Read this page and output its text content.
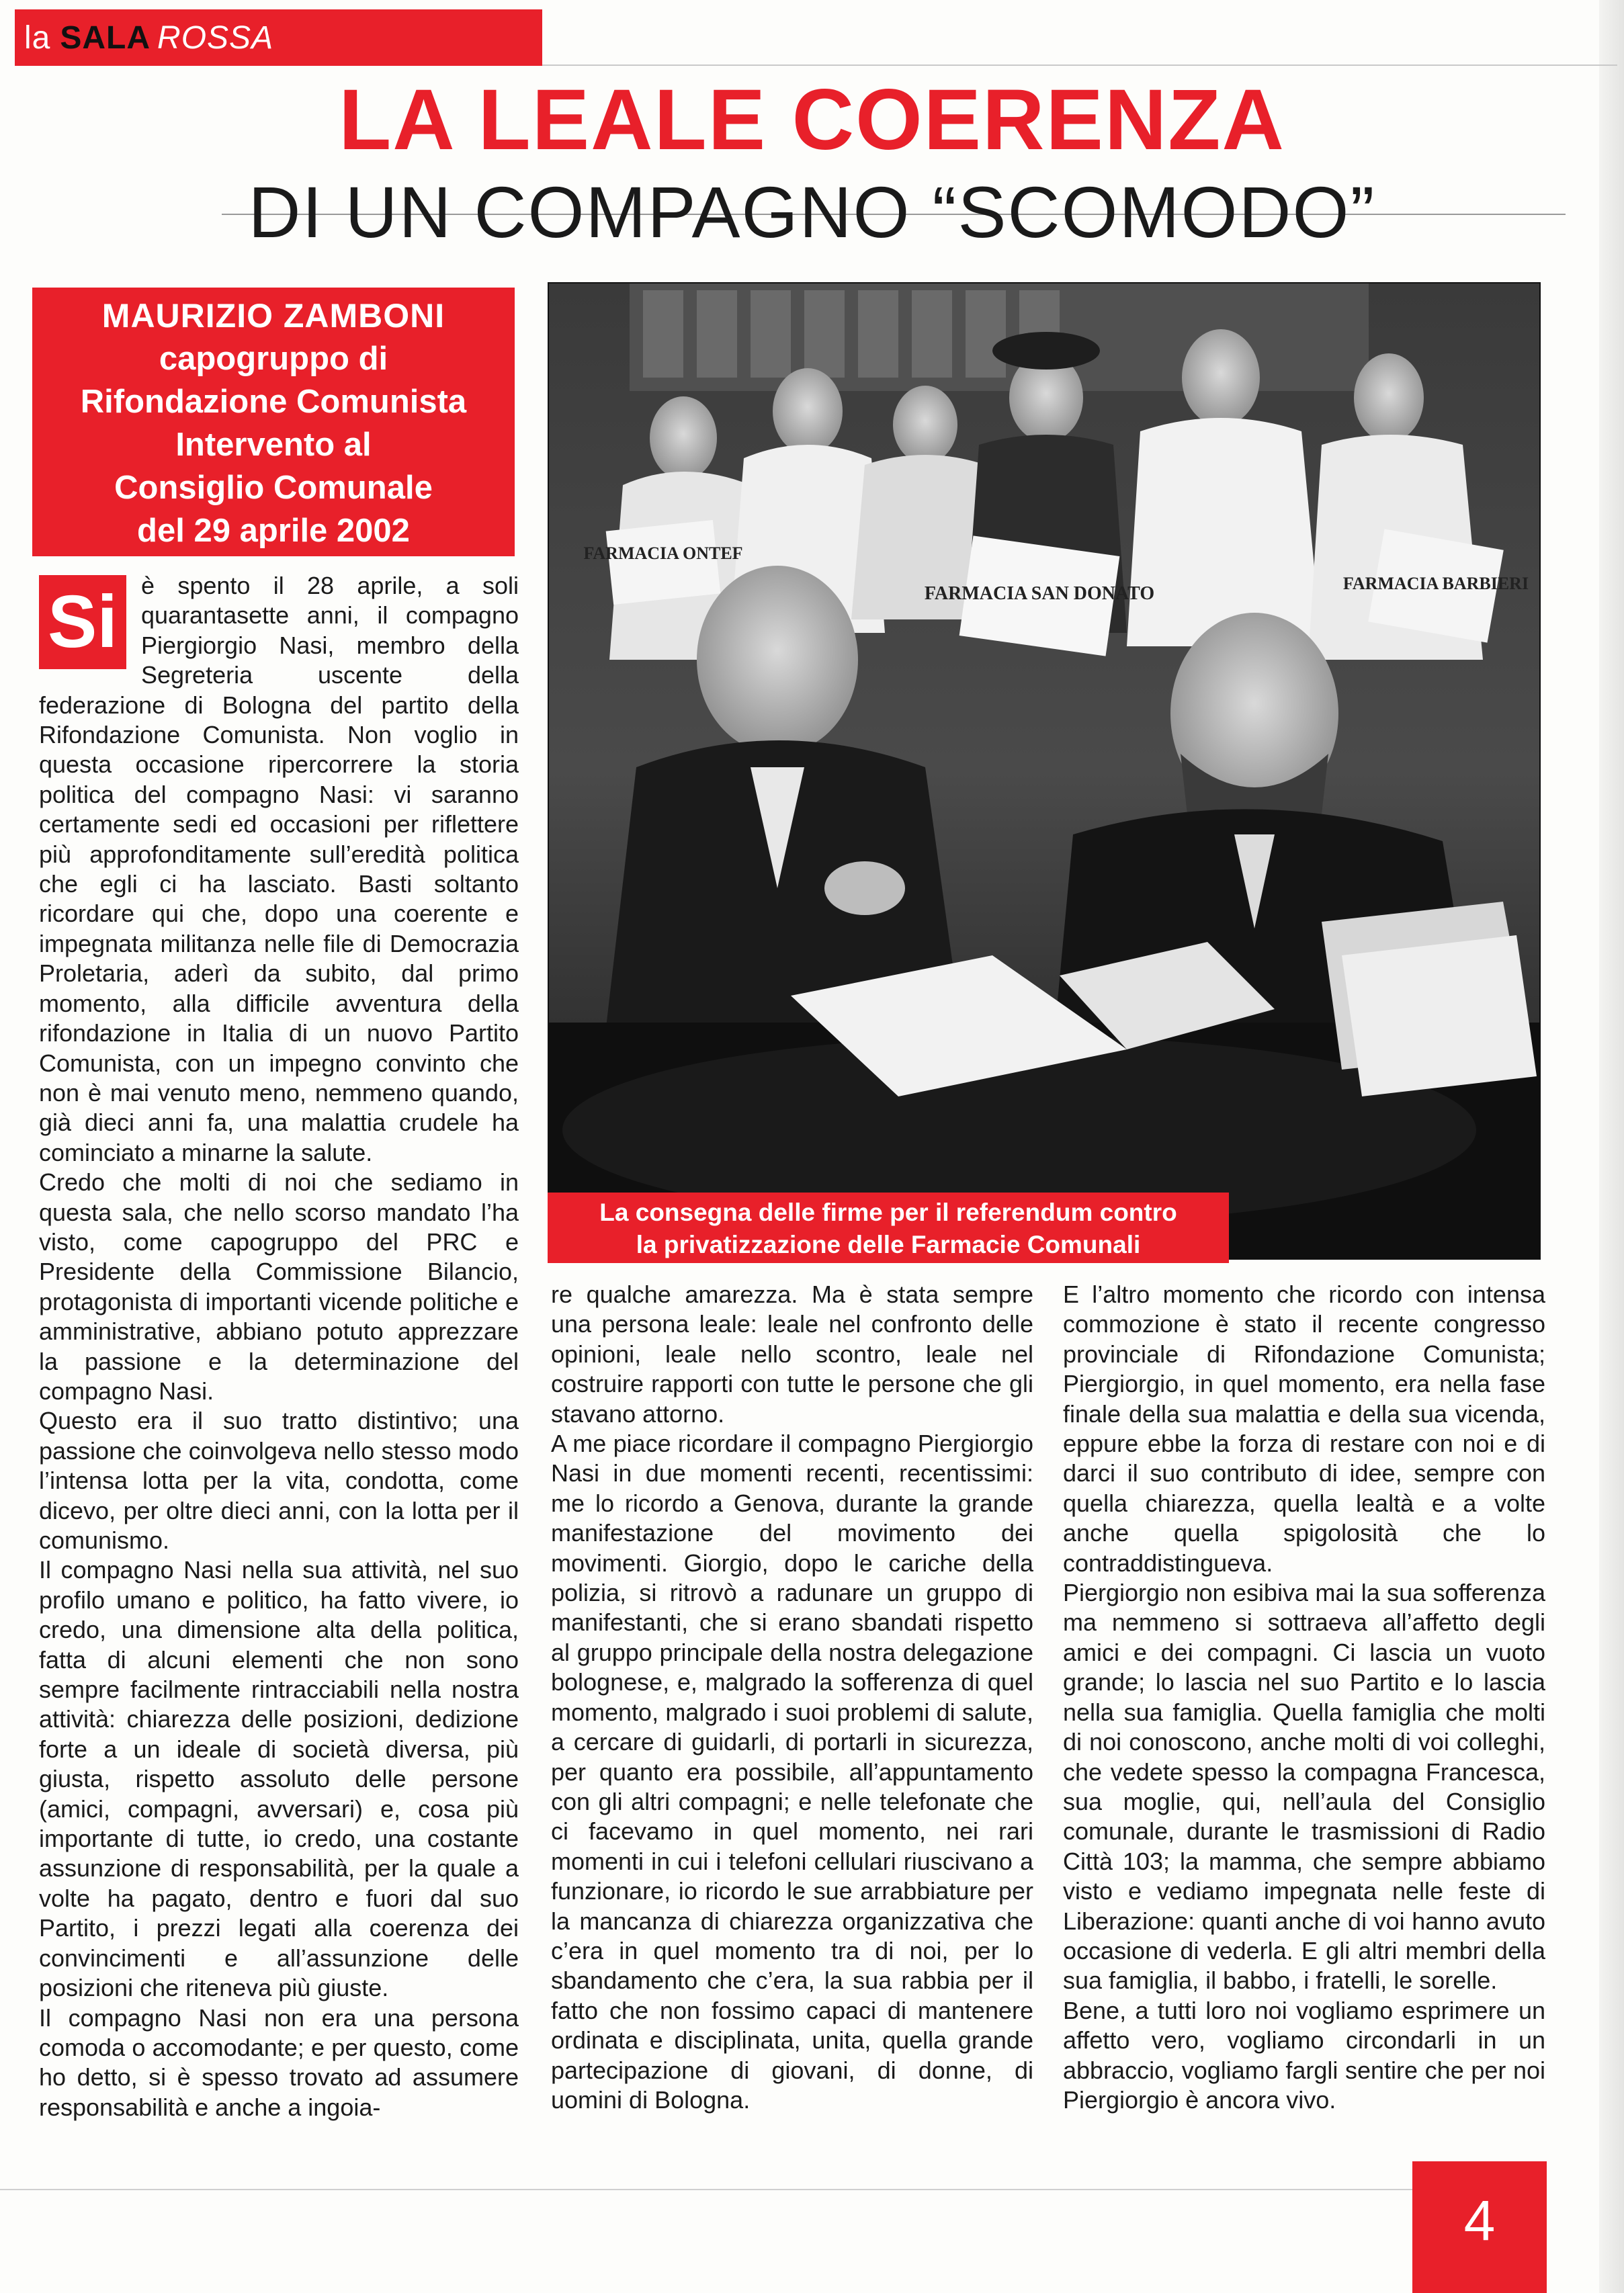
la SALA ROSSA
LA LEALE COERENZA
DI UN COMPAGNO “SCOMODO”
MAURIZIO ZAMBONI
capogruppo di
Rifondazione Comunista
Intervento al
Consiglio Comunale
del 29 aprile 2002
FARMACIA ONTEF
FARMACIA SAN DONATO	FARMACIA BARBIERI
La consegna delle firme per il referendum contro
la privatizzazione delle Farmacie Comunali
Si è spento il 28 aprile, a soli quarantasette anni, il compagno Piergiorgio Nasi, membro della Segreteria uscente della federazione di Bologna del partito della Rifondazione Comunista. Non voglio in questa occasione ripercorrere la storia politica del compagno Nasi: vi saranno certamente sedi ed occasioni per riflettere più approfonditamente sull’eredità politica che egli ci ha lasciato. Basti soltanto ricordare qui che, dopo una coerente e impegnata militanza nelle file di Democrazia Proletaria, aderì da subito, dal primo momento, alla difficile avventura della rifondazione in Italia di un nuovo Partito Comunista, con un impegno convinto che non è mai venuto meno, nemmeno quando, già dieci anni fa, una malattia crudele ha cominciato a minarne la salute.

Credo che molti di noi che sediamo in questa sala, che nello scorso mandato l’ha visto, come capogruppo del PRC e Presidente della Commissione Bilancio, protagonista di importanti vicende politiche e amministrative, abbiano potuto apprezzare la passione e la determinazione del compagno Nasi.

Questo era il suo tratto distintivo; una passione che coinvolgeva nello stesso modo l’intensa lotta per la vita, condotta, come dicevo, per oltre dieci anni, con la lotta per il comunismo.

Il compagno Nasi nella sua attività, nel suo profilo umano e politico, ha fatto vivere, io credo, una dimensione alta della politica, fatta di alcuni elementi che non sono sempre facilmente rintracciabili nella nostra attività: chiarezza delle posizioni, dedizione forte a un ideale di società diversa, più giusta, rispetto assoluto delle persone (amici, compagni, avversari) e, cosa più importante di tutte, io credo, una costante assunzione di responsabilità, per la quale a volte ha pagato, dentro e fuori dal suo Partito, i prezzi legati alla coerenza dei convincimenti e all’assunzione delle posizioni che riteneva più giuste.

Il compagno Nasi non era una persona comoda o accomodante; e per questo, come ho detto, si è spesso trovato ad assumere responsabilità e anche a ingoia-

re qualche amarezza. Ma è stata sempre una persona leale: leale nel confronto delle opinioni, leale nello scontro, leale nel costruire rapporti con tutte le persone che gli stavano attorno.

A me piace ricordare il compagno Piergiorgio Nasi in due momenti recenti, recentissimi: me lo ricordo a Genova, durante la grande manifestazione del movimento dei movimenti. Giorgio, dopo le cariche della polizia, si ritrovò a radunare un gruppo di manifestanti, che si erano sbandati rispetto al gruppo principale della nostra delegazione bolognese, e, malgrado la sofferenza di quel momento, malgrado i suoi problemi di salute, a cercare di guidarli, di portarli in sicurezza, per quanto era possibile, all’appuntamento con gli altri compagni; e nelle telefonate che ci facevamo in quel momento, nei rari momenti in cui i telefoni cellulari riuscivano a funzionare, io ricordo le sue arrabbiature per la mancanza di chiarezza organizzativa che c’era in quel momento tra di noi, per lo sbandamento che c’era, la sua rabbia per il fatto che non fossimo capaci di mantenere ordinata e disciplinata, unita, quella grande partecipazione di giovani, di donne, di uomini di Bologna.

E l’altro momento che ricordo con intensa commozione è stato il recente congresso provinciale di Rifondazione Comunista; Piergiorgio, in quel momento, era nella fase finale della sua malattia e della sua vicenda, eppure ebbe la forza di restare con noi e di darci il suo contributo di idee, sempre con quella chiarezza, quella lealtà e a volte anche quella spigolosità che lo contraddistingueva.

Piergiorgio non esibiva mai la sua sofferenza ma nemmeno si sottraeva all’affetto degli amici e dei compagni. Ci lascia un vuoto grande; lo lascia nel suo Partito e lo lascia nella sua famiglia. Quella famiglia che molti di noi conoscono, anche molti di voi colleghi, che vedete spesso la compagna Francesca, sua moglie, qui, nell’aula del Consiglio comunale, durante le trasmissioni di Radio Città 103; la mamma, che sempre abbiamo visto e vediamo impegnata nelle feste di Liberazione: quanti anche di voi hanno avuto occasione di vederla. E gli altri membri della sua famiglia, il babbo, i fratelli, le sorelle.

Bene, a tutti loro noi vogliamo esprimere un affetto vero, vogliamo circondarli in un abbraccio, vogliamo fargli sentire che per noi Piergiorgio è ancora vivo.

4
